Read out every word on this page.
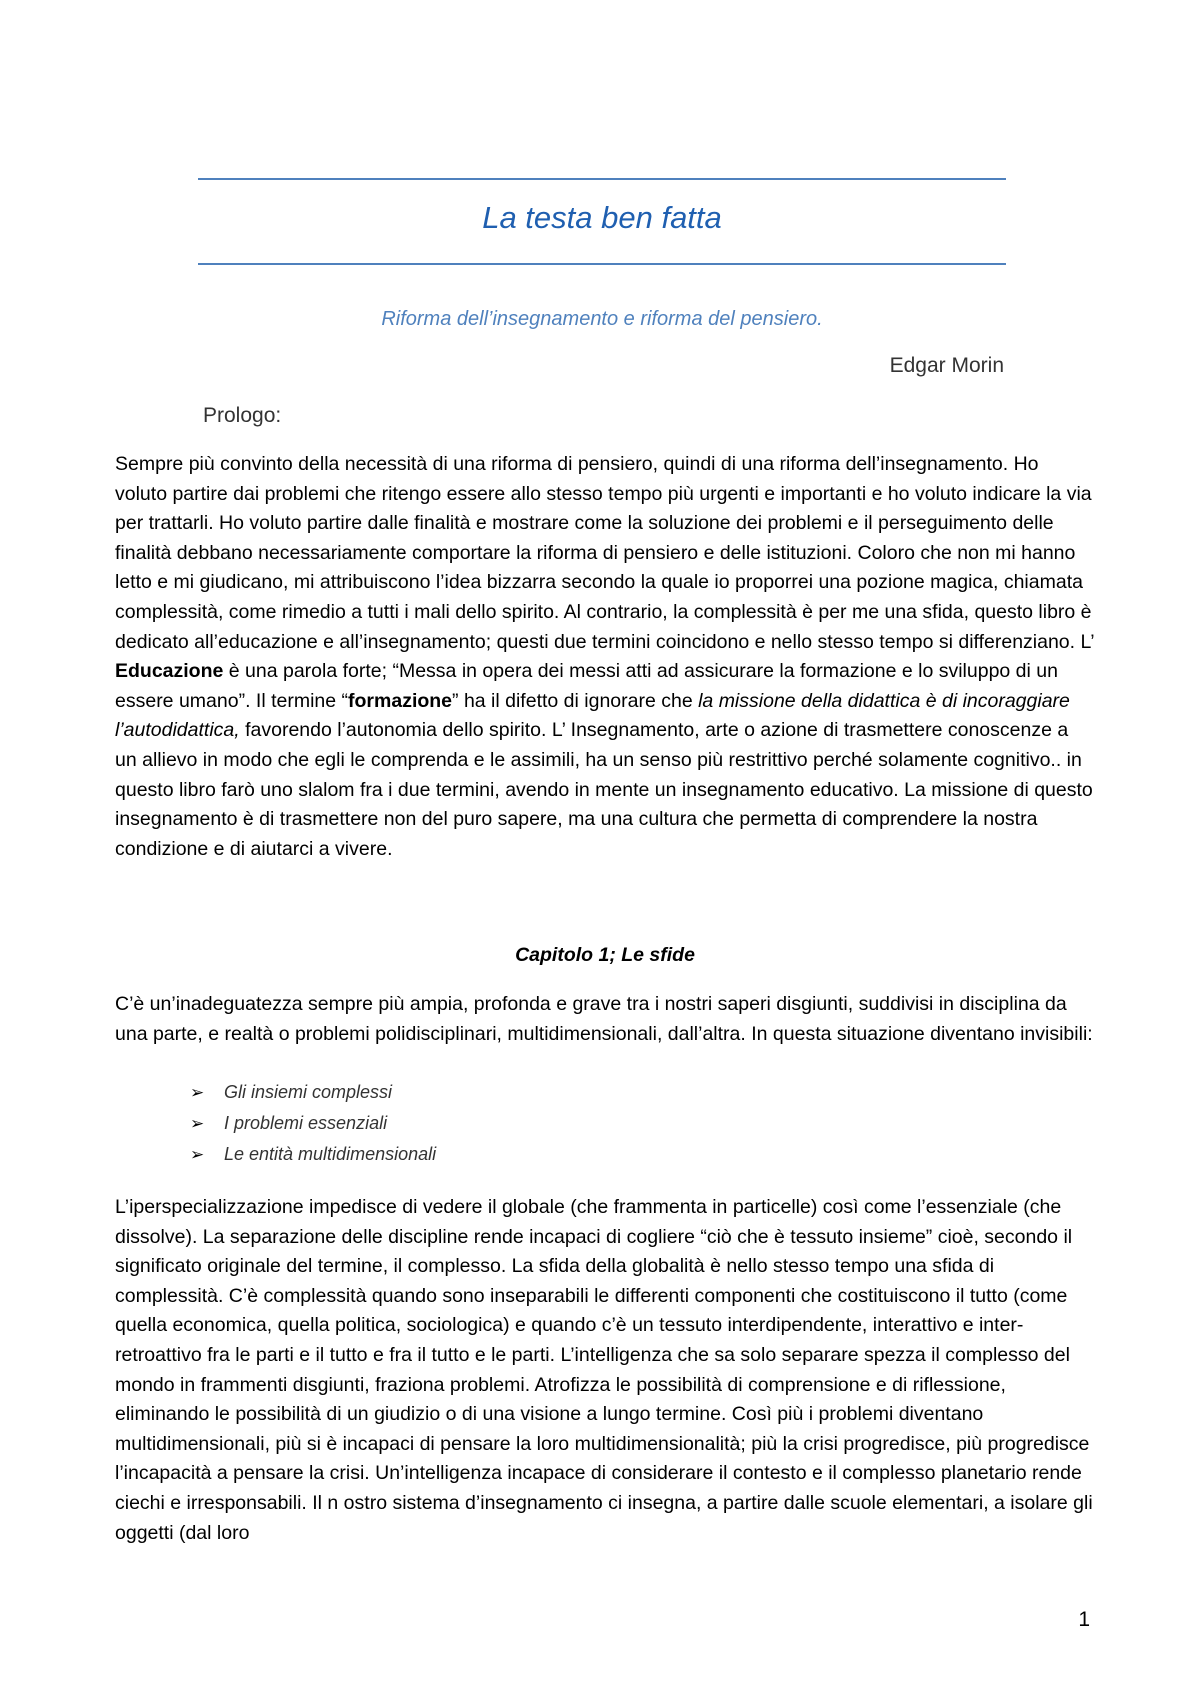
La testa ben fatta
Riforma dell’insegnamento e riforma del pensiero.
Edgar Morin
Prologo:

Sempre più convinto della necessità di una riforma di pensiero, quindi di una riforma dell’insegnamento. Ho voluto partire dai problemi che ritengo essere allo stesso tempo più urgenti e importanti e ho voluto indicare la via per trattarli. Ho voluto partire dalle finalità e mostrare come la soluzione dei problemi e il perseguimento delle finalità debbano necessariamente comportare la riforma di pensiero e delle istituzioni. Coloro che non mi hanno letto e mi giudicano, mi attribuiscono l’idea bizzarra secondo la quale io proporrei una pozione magica, chiamata complessità, come rimedio a tutti i mali dello spirito. Al contrario, la complessità è per me una sfida, questo libro è dedicato all’educazione e all’insegnamento; questi due termini coincidono e nello stesso tempo si differenziano. L’ Educazione è una parola forte; “Messa in opera dei messi atti ad assicurare la formazione e lo sviluppo di un essere umano”. Il termine “formazione” ha il difetto di ignorare che la missione della didattica è di incoraggiare l’autodidattica, favorendo l’autonomia dello spirito. L’ Insegnamento, arte o azione di trasmettere conoscenze a un allievo in modo che egli le comprenda e le assimili, ha un senso più restrittivo perché solamente cognitivo.. in questo libro farò uno slalom fra i due termini, avendo in mente un insegnamento educativo. La missione di questo insegnamento è di trasmettere non del puro sapere, ma una cultura che permetta di comprendere la nostra condizione e di aiutarci a vivere.

Capitolo 1; Le sfide

C’è un’inadeguatezza sempre più ampia, profonda e grave tra i nostri saperi disgiunti, suddivisi in disciplina da una parte, e realtà o problemi polidisciplinari, multidimensionali, dall’altra. In questa situazione diventano invisibili:

➢	Gli insiemi complessi
➢	I problemi essenziali
➢	Le entità multidimensionali

L’iperspecializzazione impedisce di vedere il globale (che frammenta in particelle) così come l’essenziale (che dissolve). La separazione delle discipline rende incapaci di cogliere “ciò che è tessuto insieme” cioè, secondo il significato originale del termine, il complesso. La sfida della globalità è nello stesso tempo una sfida di complessità. C’è complessità quando sono inseparabili le differenti componenti che costituiscono il tutto (come quella economica, quella politica, sociologica) e quando c’è un tessuto interdipendente, interattivo e inter-retroattivo fra le parti e il tutto e fra il tutto e le parti. L’intelligenza che sa solo separare spezza il complesso del mondo in frammenti disgiunti, fraziona problemi. Atrofizza le possibilità di comprensione e di riflessione, eliminando le possibilità di un giudizio o di una visione a lungo termine. Così più i problemi diventano multidimensionali, più si è incapaci di pensare la loro multidimensionalità; più la crisi progredisce, più progredisce l’incapacità a pensare la crisi. Un’intelligenza incapace di considerare il contesto e il complesso planetario rende ciechi e irresponsabili. Il n ostro sistema d’insegnamento ci insegna, a partire dalle scuole elementari, a isolare gli oggetti (dal loro

1
